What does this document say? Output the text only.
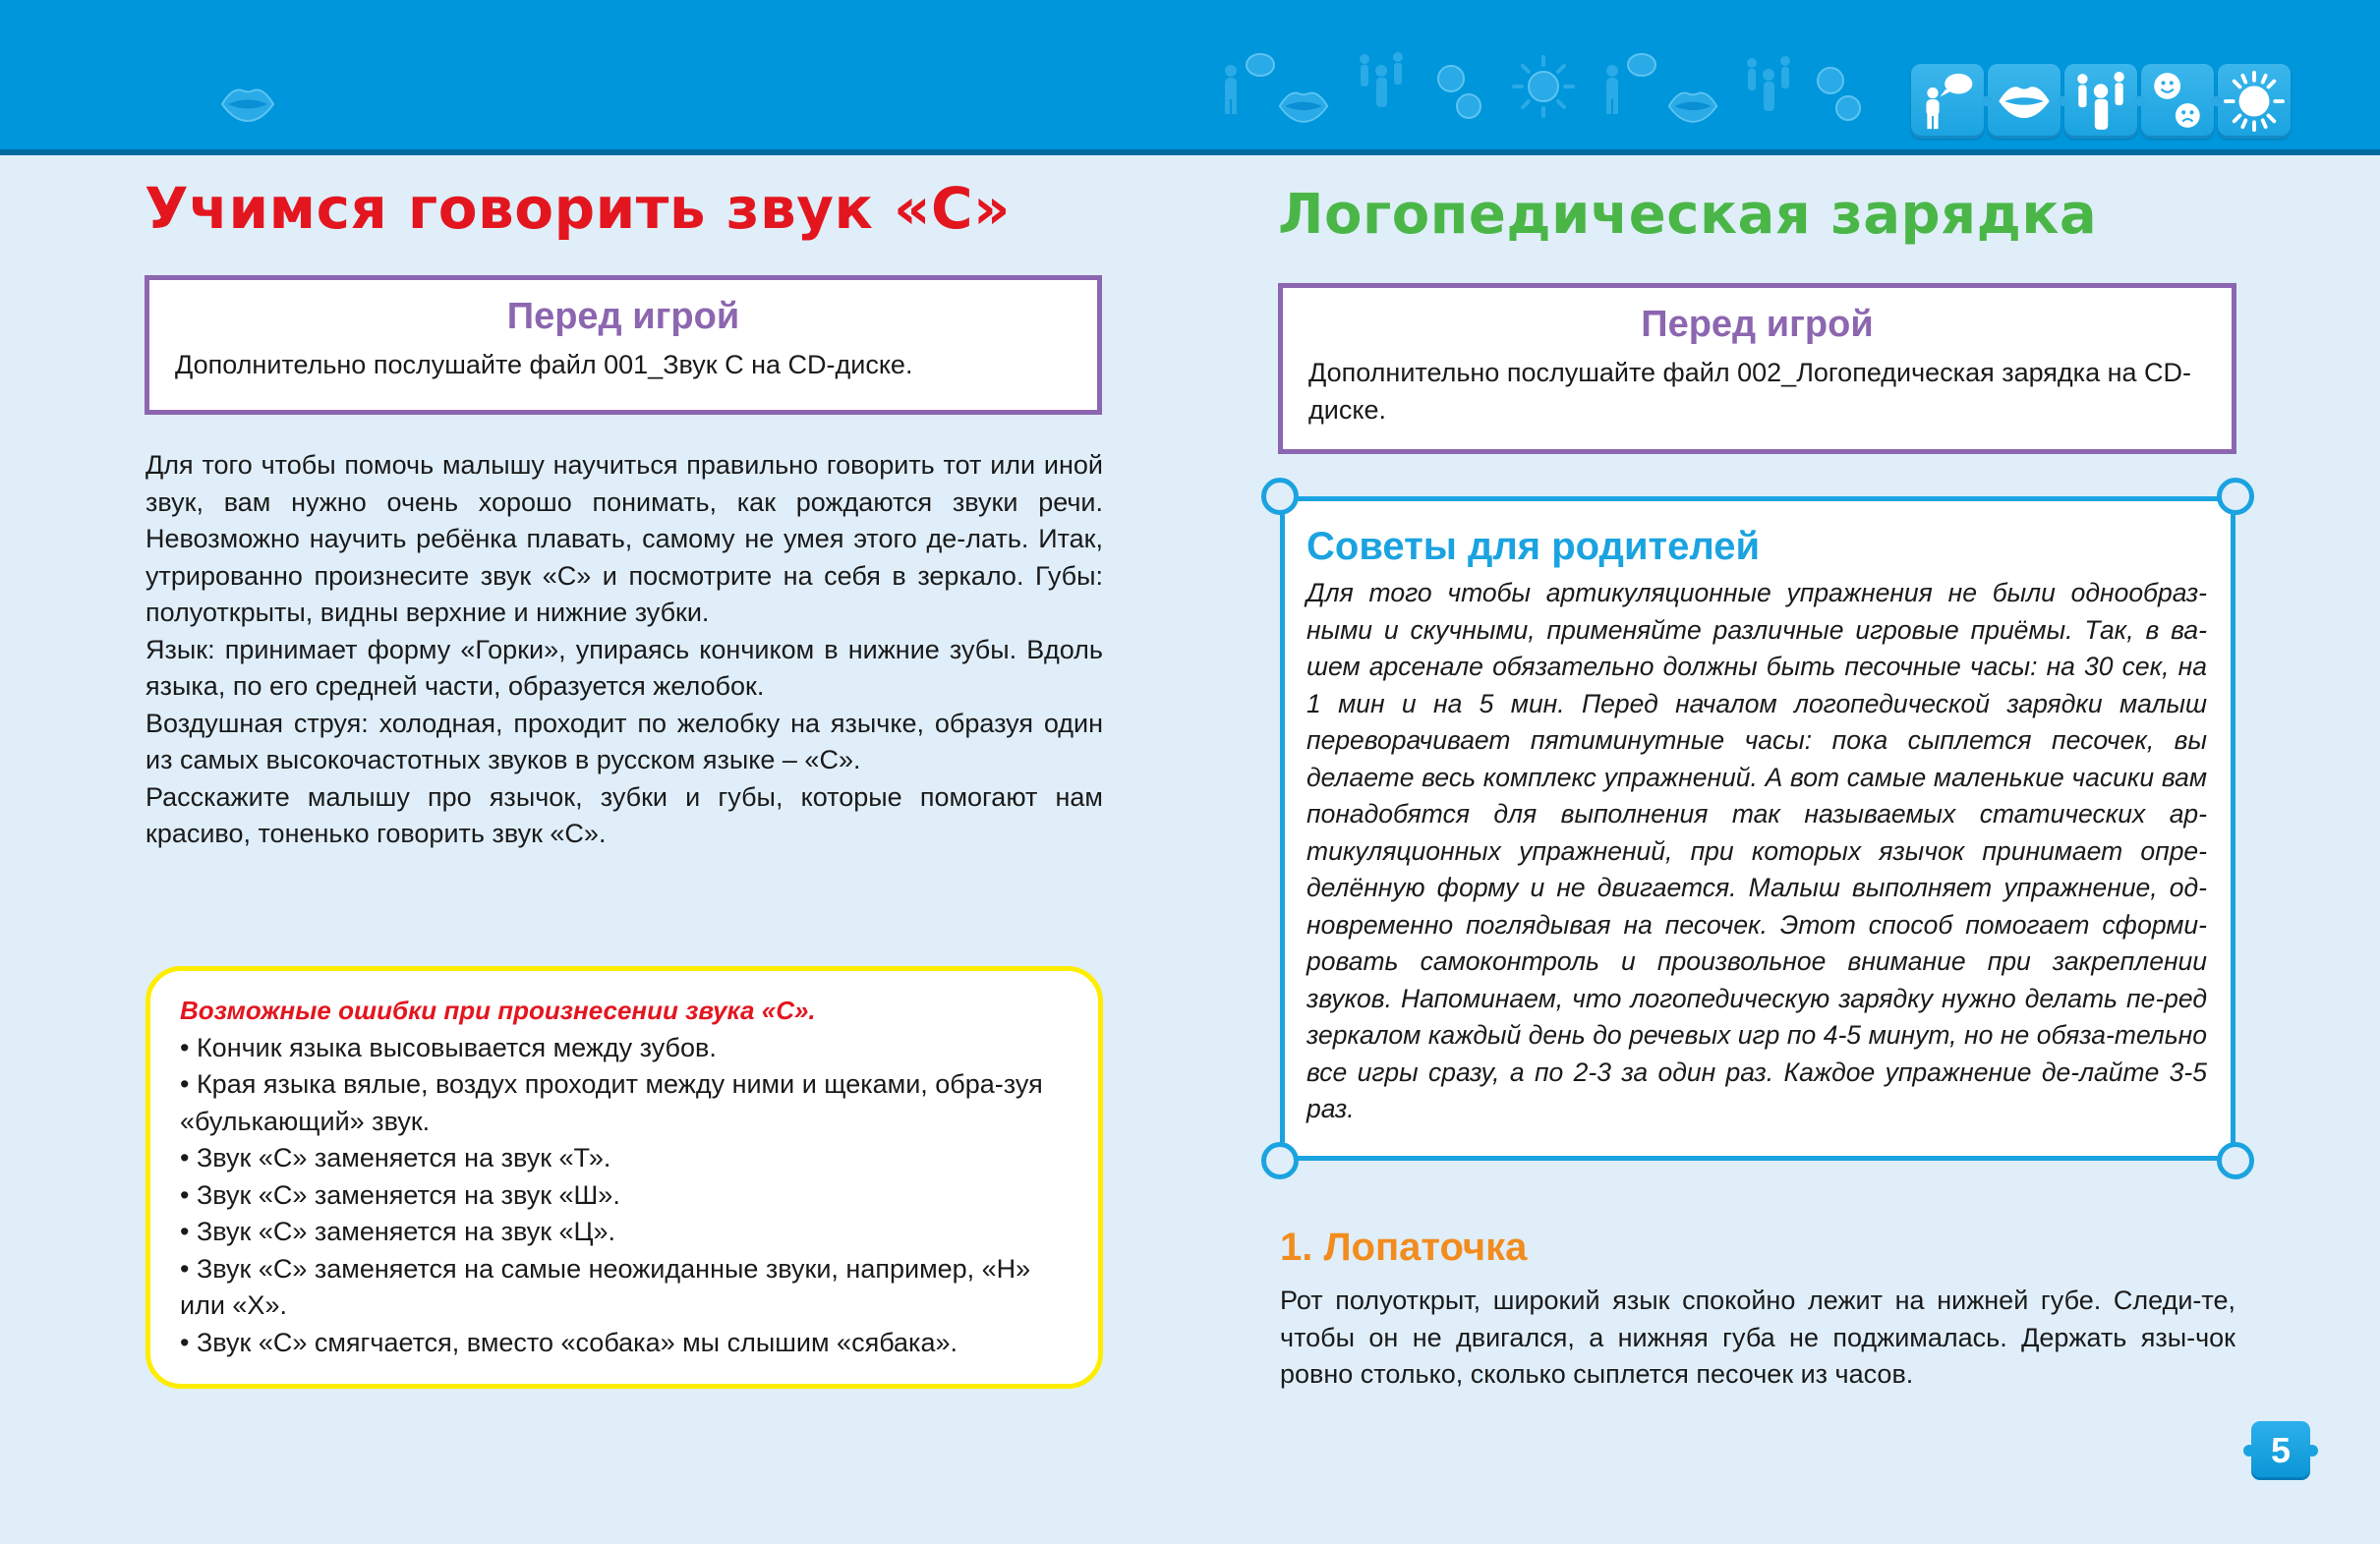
Учимся говорить звук «С»
Перед игрой
Дополнительно послушайте файл 001_Звук С на CD-диске.

Для того чтобы помочь малышу научиться правильно говорить тот или иной звук, вам нужно очень хорошо понимать, как рождаются звуки речи. Невозможно научить ребёнка плавать, самому не умея этого де-лать. Итак, утрированно произнесите звук «С» и посмотрите на себя в зеркало. Губы: полуоткрыты, видны верхние и нижние зубки.

Язык: принимает форму «Горки», упираясь кончиком в нижние зубы. Вдоль языка, по его средней части, образуется желобок.

Воздушная струя: холодная, проходит по желобку на язычке, образуя один из самых высокочастотных звуков в русском языке – «С».

Расскажите малышу про язычок, зубки и губы, которые помогают нам красиво, тоненько говорить звук «С».

Возможные ошибки при произнесении звука «С».
• Кончик языка высовывается между зубов.
• Края языка вялые, воздух проходит между ними и щеками, обра-зуя «булькающий» звук.
• Звук «С» заменяется на звук «Т».
• Звук «С» заменяется на звук «Ш».
• Звук «С» заменяется на звук «Ц».
• Звук «С» заменяется на самые неожиданные звуки, например, «Н» или «Х».
• Звук «С» смягчается, вместо «собака» мы слышим «сябака».
Логопедическая зарядка
Перед игрой
Дополнительно послушайте файл 002_Логопедическая зарядка на CD-диске.
Советы для родителей
Для того чтобы артикуляционные упражнения не были однообраз-ными и скучными, применяйте различные игровые приёмы. Так, в ва-шем арсенале обязательно должны быть песочные часы: на 30 сек, на 1 мин и на 5 мин. Перед началом логопедической зарядки малыш переворачивает пятиминутные часы: пока сыплется песочек, вы делаете весь комплекс упражнений. А вот самые маленькие часики вам понадобятся для выполнения так называемых статических ар-тикуляционных упражнений, при которых язычок принимает опре-делённую форму и не двигается. Малыш выполняет упражнение, од-новременно поглядывая на песочек. Этот способ помогает сформи-ровать самоконтроль и произвольное внимание при закреплении звуков. Напоминаем, что логопедическую зарядку нужно делать пе-ред зеркалом каждый день до речевых игр по 4-5 минут, но не обяза-тельно все игры сразу, а по 2-3 за один раз. Каждое упражнение де-лайте 3-5 раз.
1. Лопаточка
Рот полуоткрыт, широкий язык спокойно лежит на нижней губе. Следи-те, чтобы он не двигался, а нижняя губа не поджималась. Держать язы-чок ровно столько, сколько сыплется песочек из часов.
5
